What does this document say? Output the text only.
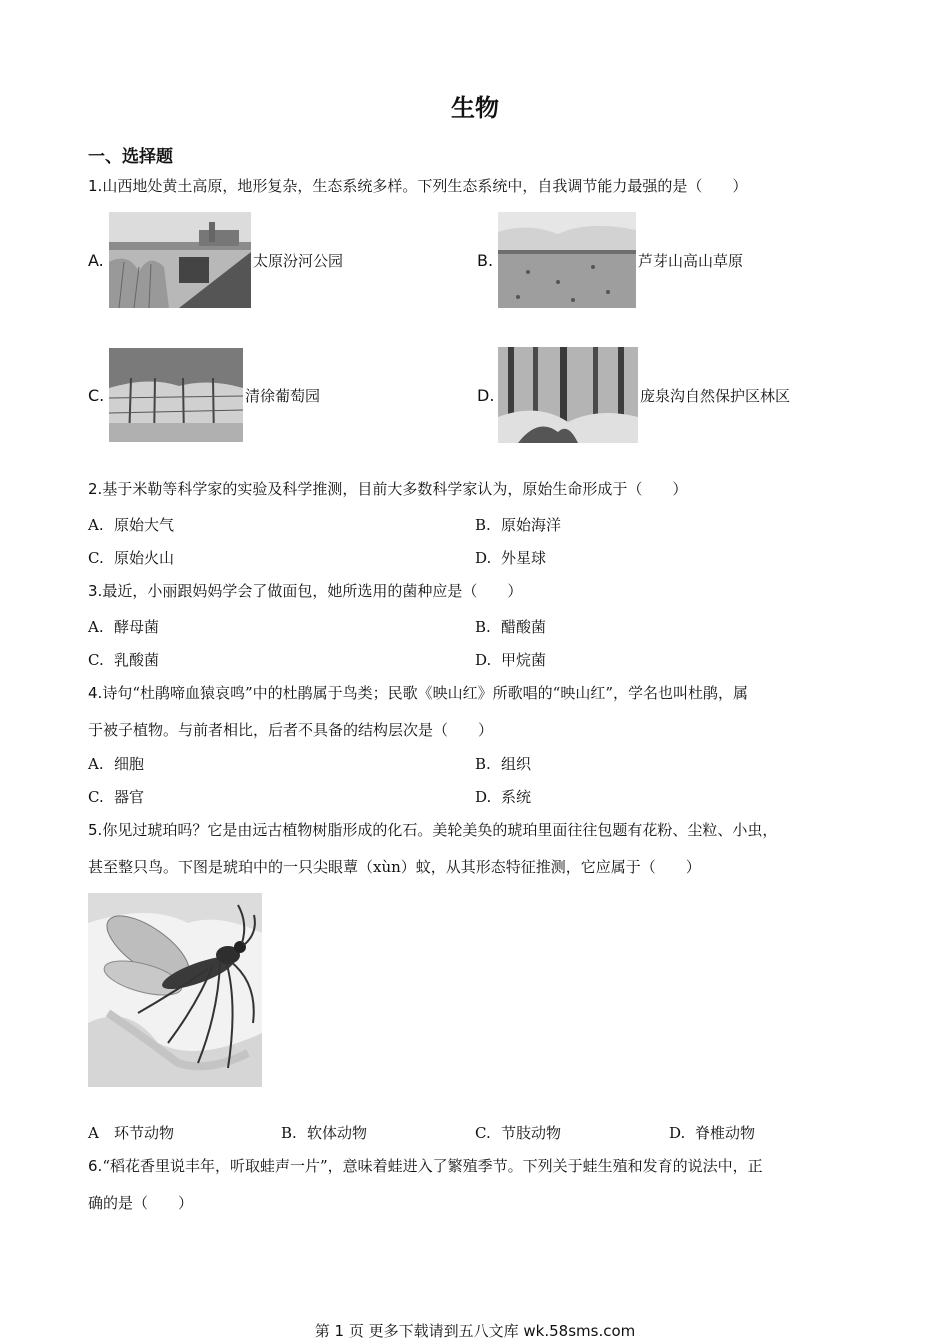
生物
一、选择题
1.山西地处黄土高原，地形复杂，生态系统多样。下列生态系统中，自我调节能力最强的是（　　）
A.	太原汾河公园	B.	芦芽山高山草原
C.	清徐葡萄园	D.	庞泉沟自然保护区林区
2.基于米勒等科学家的实验及科学推测，目前大多数科学家认为，原始生命形成于（　　）
A. 原始大气	B. 原始海洋
C. 原始火山	D. 外星球
3.最近，小丽跟妈妈学会了做面包，她所选用的菌种应是（　　）
A. 酵母菌	B. 醋酸菌
C. 乳酸菌	D. 甲烷菌
4.诗句“杜鹃啼血猿哀鸣”中的杜鹃属于鸟类；民歌《映山红》所歌唱的“映山红”，学名也叫杜鹃，属
于被子植物。与前者相比，后者不具备的结构层次是（　　）
A. 细胞	B. 组织
C. 器官	D. 系统
5.你见过琥珀吗？它是由远古植物树脂形成的化石。美轮美奂的琥珀里面往往包题有花粉、尘粒、小虫，
甚至整只鸟。下图是琥珀中的一只尖眼蕈（xùn）蚊，从其形态特征推测，它应属于（　　）
A 环节动物	B. 软体动物	C. 节肢动物	D. 脊椎动物
6.“稻花香里说丰年，听取蛙声一片”，意味着蛙进入了繁殖季节。下列关于蛙生殖和发育的说法中，正
确的是（　　）
第 1 页 更多下载请到五八文库 wk.58sms.com
